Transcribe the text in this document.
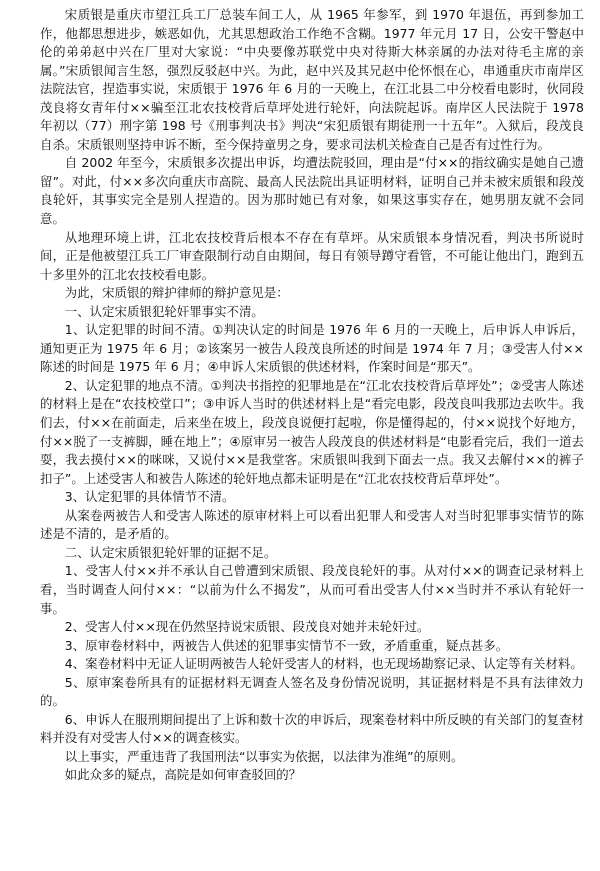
宋质银是重庆市望江兵工厂总装车间工人，从 1965 年参军，到 1970 年退伍，再到参加工作，他都思想进步，嫉恶如仇，尤其思想政治工作绝不含糊。1977 年元月 17 日，公安干警赵中伦的弟弟赵中兴在厂里对大家说：“中央要像苏联党中央对待斯大林亲属的办法对待毛主席的亲属。”宋质银闻言生怒，强烈反驳赵中兴。为此，赵中兴及其兄赵中伦怀恨在心，串通重庆市南岸区法院法官，捏造事实说，宋质银于 1976 年 6 月的一天晚上，在江北县二中分校看电影时，伙同段茂良将女青年付××骗至江北农技校背后草坪处进行轮奸，向法院起诉。南岸区人民法院于 1978 年初以（77）刑字第 198 号《刑事判决书》判决“宋犯质银有期徒刑一十五年”。入狱后，段茂良自杀。宋质银则坚持申诉不断，至今保持童男之身，要求司法机关检查自己是否有过性行为。

自 2002 年至今，宋质银多次提出申诉，均遭法院驳回，理由是“付××的指纹确实是她自己遗留”。对此，付××多次向重庆市高院、最高人民法院出具证明材料，证明自己并未被宋质银和段茂良轮奸，其事实完全是别人捏造的。因为那时她已有对象，如果这事实存在，她男朋友就不会同意。

从地理环境上讲，江北农技校背后根本不存在有草坪。从宋质银本身情况看，判决书所说时间，正是他被望江兵工厂审查限制行动自由期间，每日有领导蹲守看管，不可能让他出门，跑到五十多里外的江北农技校看电影。

为此，宋质银的辩护律师的辩护意见是：

一、认定宋质银犯轮奸罪事实不清。

1、认定犯罪的时间不清。①判决认定的时间是 1976 年 6 月的一天晚上，后申诉人申诉后，通知更正为 1975 年 6 月；②该案另一被告人段茂良所述的时间是 1974 年 7 月；③受害人付××陈述的时间是 1975 年 6 月；④申诉人宋质银的供述材料，作案时间是“那天”。

2、认定犯罪的地点不清。①判决书指控的犯罪地是在“江北农技校背后草坪处”；②受害人陈述的材料上是在“农技校堂口”；③申诉人当时的供述材料上是“看完电影，段茂良叫我那边去吹牛。我们去，付××在前面走，后来坐在坡上，段茂良说便打起啦，你是懂得起的，付××说找个好地方，付××脱了一支裤脚，睡在地上”；④原审另一被告人段茂良的供述材料是“电影看完后，我们一道去耍，我去摸付××的咪咪，又说付××是我堂客。宋质银叫我到下面去一点。我又去解付××的裤子扣子”。上述受害人和被告人陈述的轮奸地点都未证明是在“江北农技校背后草坪处”。

3、认定犯罪的具体情节不清。

从案卷两被告人和受害人陈述的原审材料上可以看出犯罪人和受害人对当时犯罪事实情节的陈述是不清的，是矛盾的。

二、认定宋质银犯轮奸罪的证据不足。

1、受害人付××并不承认自己曾遭到宋质银、段茂良轮奸的事。从对付××的调查记录材料上看，当时调查人问付××：“以前为什么不揭发”，从而可看出受害人付××当时并不承认有轮奸一事。

2、受害人付××现在仍然坚持说宋质银、段茂良对她并未轮奸过。

3、原审卷材料中，两被告人供述的犯罪事实情节不一致，矛盾重重，疑点甚多。

4、案卷材料中无证人证明两被告人轮奸受害人的材料，也无现场勘察记录、认定等有关材料。

5、原审案卷所具有的证据材料无调查人签名及身份情况说明，其证据材料是不具有法律效力的。

6、申诉人在服刑期间提出了上诉和数十次的申诉后，现案卷材料中所反映的有关部门的复查材料并没有对受害人付××的调查核实。

以上事实，严重违背了我国刑法“以事实为依据，以法律为准绳”的原则。

如此众多的疑点，高院是如何审查驳回的？
